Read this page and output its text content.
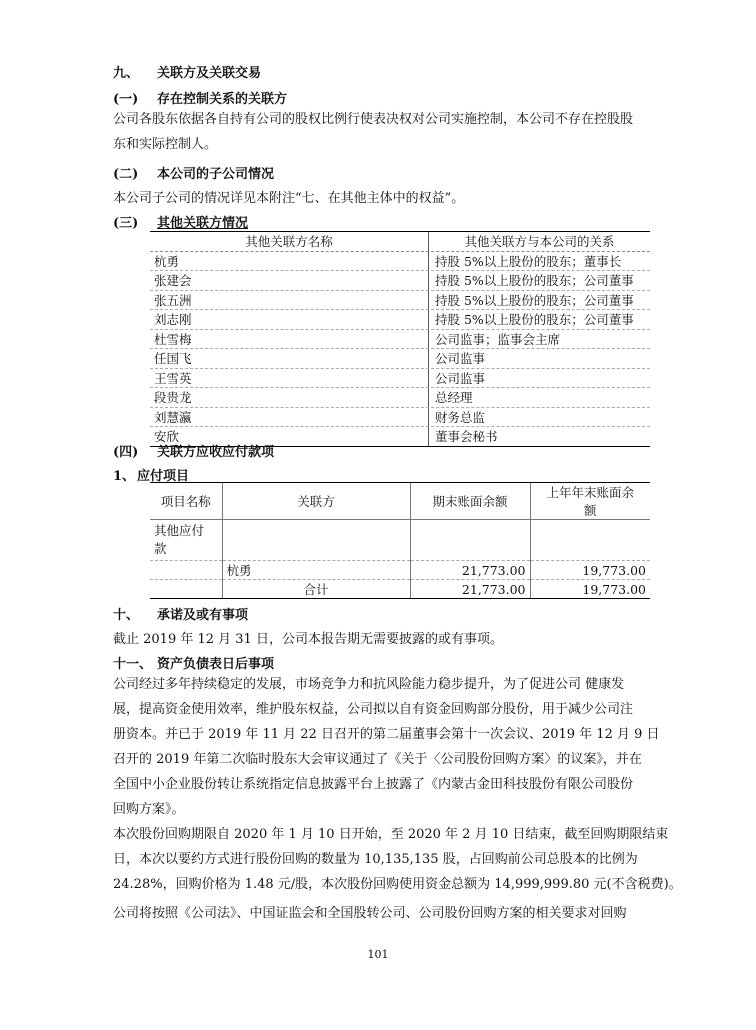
九、 关联方及关联交易
(一) 存在控制关系的关联方
公司各股东依据各自持有公司的股权比例行使表决权对公司实施控制，本公司不存在控股股
东和实际控制人。
(二) 本公司的子公司情况
本公司子公司的情况详见本附注“七、在其他主体中的权益”。
(三) 其他关联方情况
其他关联方名称	其他关联方与本公司的关系
杭勇	持股 5%以上股份的股东；董事长
张建会	持股 5%以上股份的股东；公司董事
张五洲	持股 5%以上股份的股东；公司董事
刘志刚	持股 5%以上股份的股东；公司董事
杜雪梅	公司监事；监事会主席
任国飞	公司监事
王雪英	公司监事
段贵龙	总经理
刘慧瀛	财务总监
安欣	董事会秘书
(四) 关联方应收应付款项
1、 应付项目
项目名称	关联方	期末账面余额	上年年末账面余
额
其他应付
款			
	杭勇	21,773.00	19,773.00
	合计	21,773.00	19,773.00
十、 承诺及或有事项
截止 2019 年 12 月 31 日，公司本报告期无需要披露的或有事项。
十一、 资产负债表日后事项
公司经过多年持续稳定的发展，市场竞争力和抗风险能力稳步提升，为了促进公司 健康发
展，提高资金使用效率，维护股东权益，公司拟以自有资金回购部分股份，用于减少公司注
册资本。并已于 2019 年 11 月 22 日召开的第二届董事会第十一次会议、2019 年 12 月 9 日
召开的 2019 年第二次临时股东大会审议通过了《关于〈公司股份回购方案〉的议案》，并在
全国中小企业股份转让系统指定信息披露平台上披露了《内蒙古金田科技股份有限公司股份
回购方案》。
本次股份回购期限自 2020 年 1 月 10 日开始，至 2020 年 2 月 10 日结束，截至回购期限结束
日，本次以要约方式进行股份回购的数量为 10,135,135 股，占回购前公司总股本的比例为
24.28%，回购价格为 1.48 元/股，本次股份回购使用资金总额为 14,999,999.80 元(不含税费)。
公司将按照《公司法》、中国证监会和全国股转公司、公司股份回购方案的相关要求对回购
101
